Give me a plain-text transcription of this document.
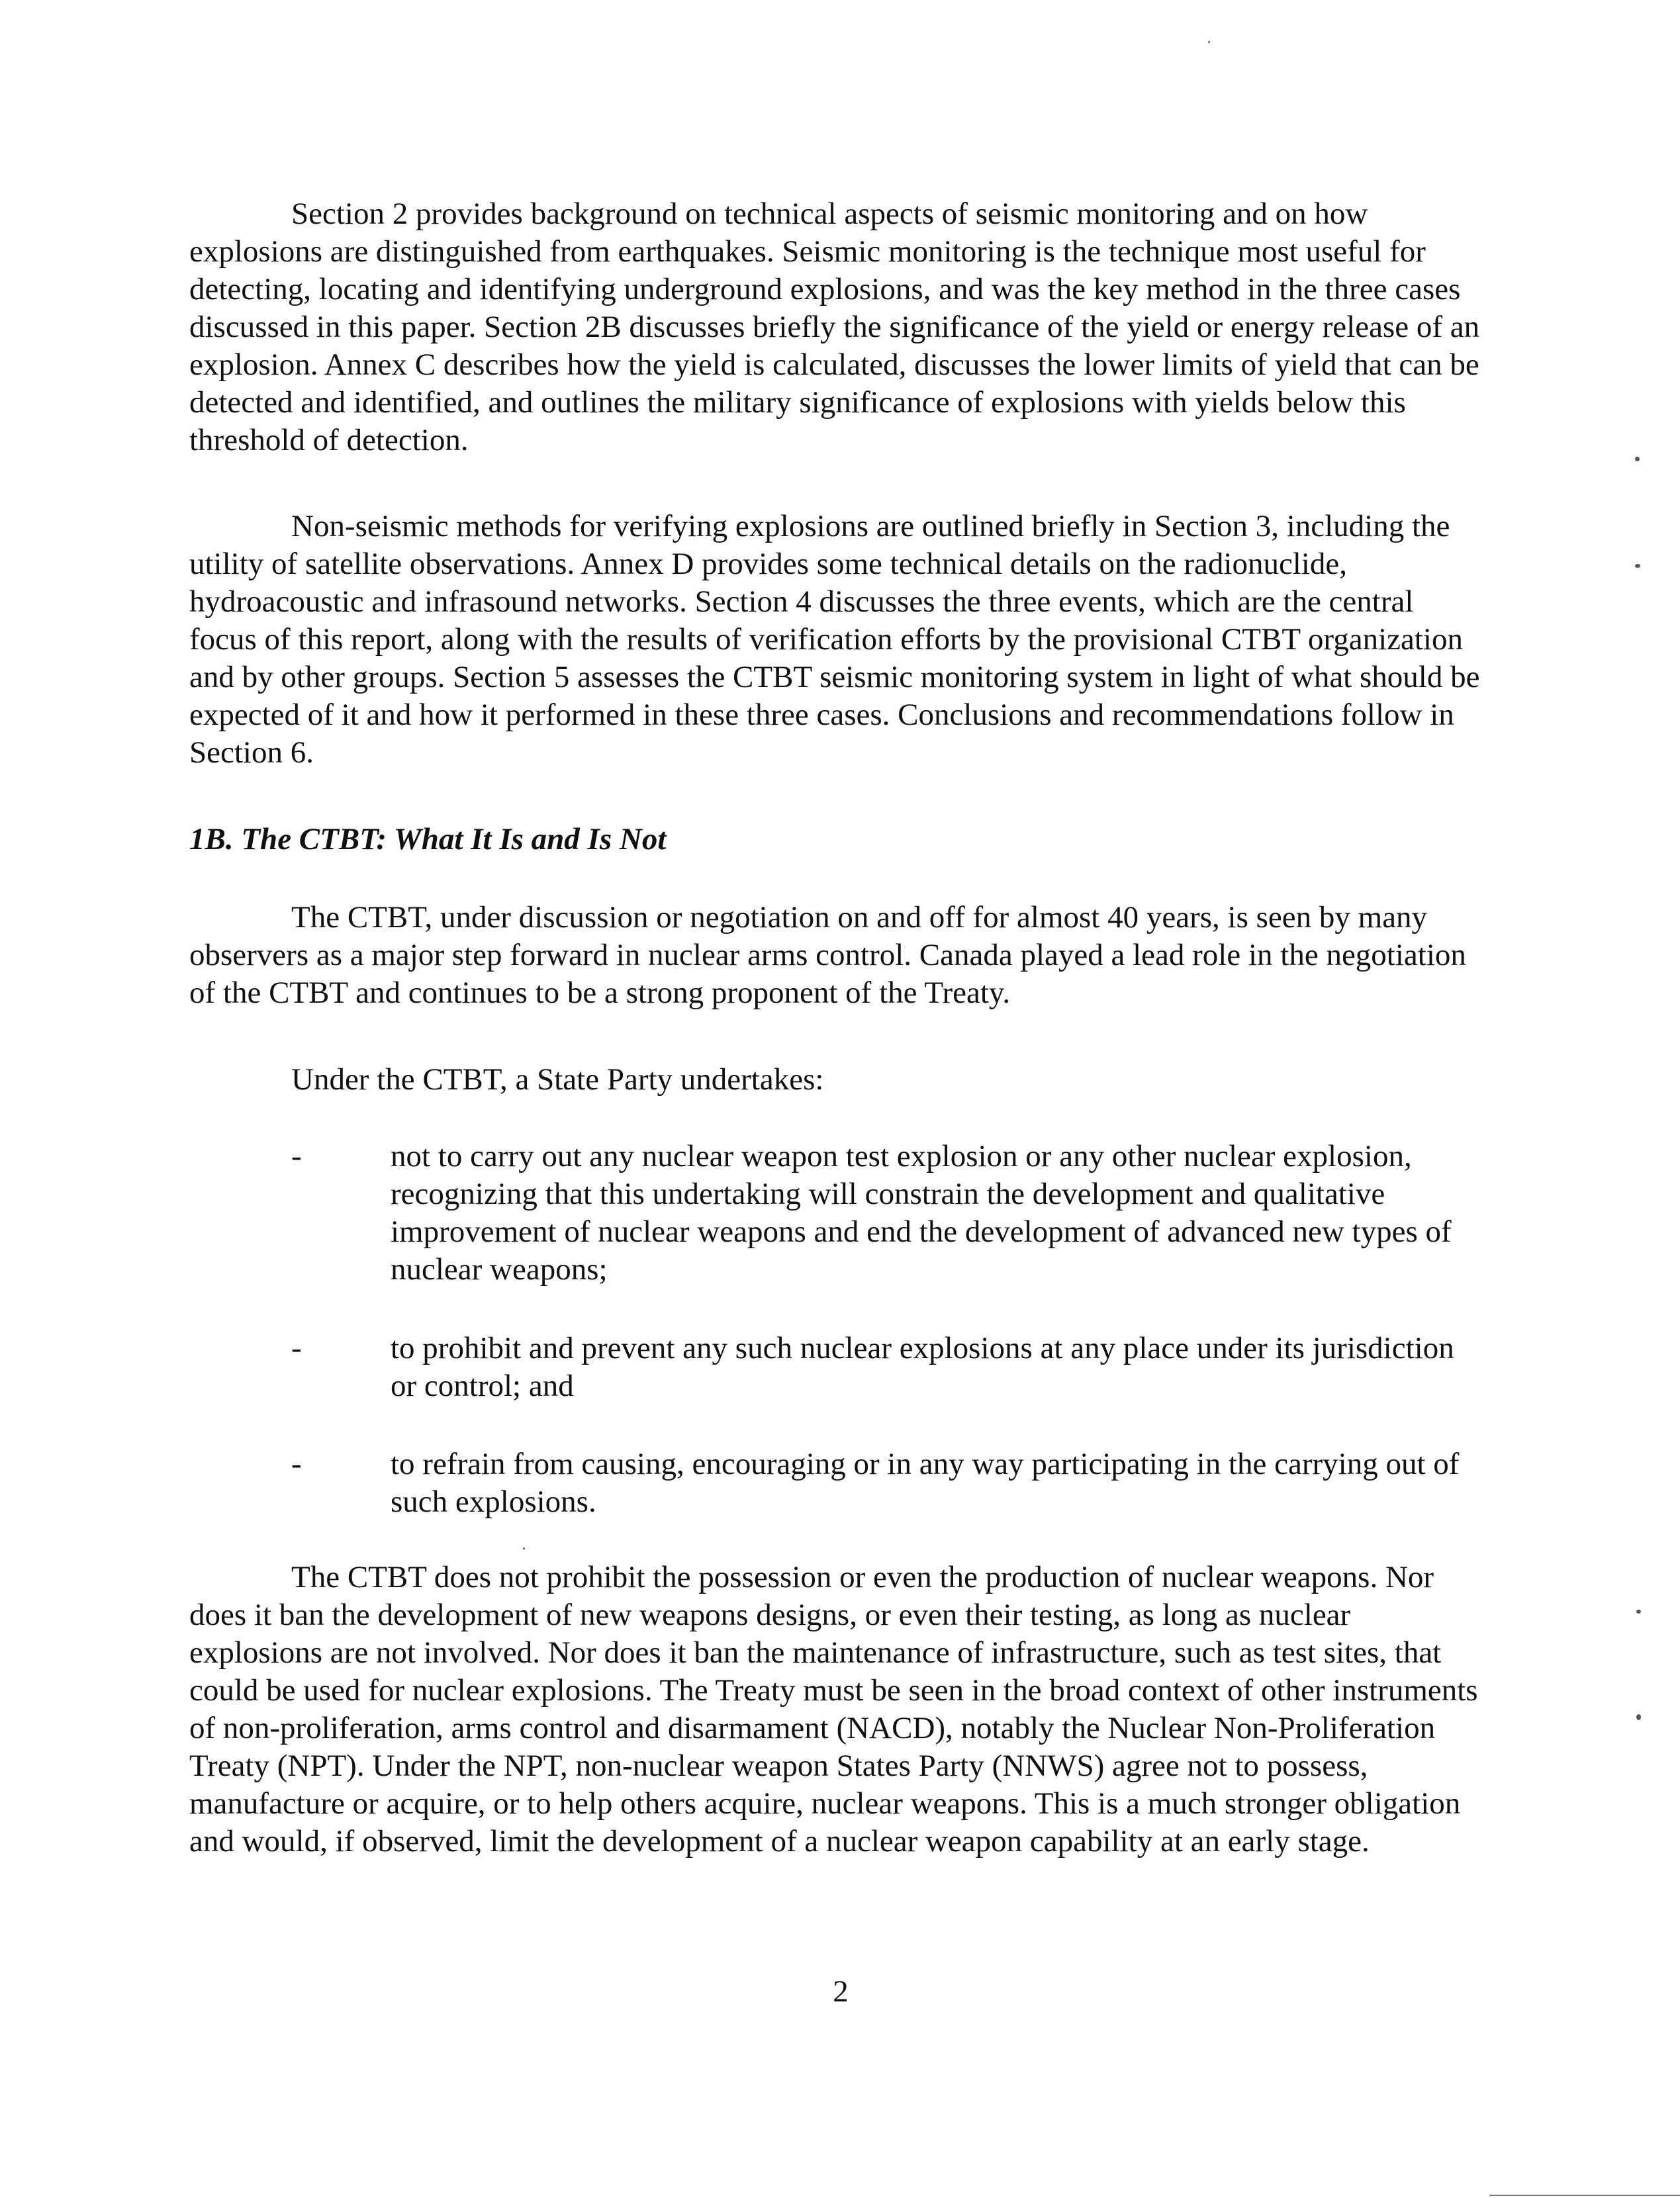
Section 2 provides background on technical aspects of seismic monitoring and on how explosions are distinguished from earthquakes. Seismic monitoring is the technique most useful for detecting, locating and identifying underground explosions, and was the key method in the three cases discussed in this paper. Section 2B discusses briefly the significance of the yield or energy release of an explosion. Annex C describes how the yield is calculated, discusses the lower limits of yield that can be detected and identified, and outlines the military significance of explosions with yields below this threshold of detection.

Non-seismic methods for verifying explosions are outlined briefly in Section 3, including the utility of satellite observations. Annex D provides some technical details on the radionuclide, hydroacoustic and infrasound networks. Section 4 discusses the three events, which are the central focus of this report, along with the results of verification efforts by the provisional CTBT organization and by other groups. Section 5 assesses the CTBT seismic monitoring system in light of what should be expected of it and how it performed in these three cases. Conclusions and recommendations follow in Section 6.

1B. The CTBT: What It Is and Is Not

The CTBT, under discussion or negotiation on and off for almost 40 years, is seen by many observers as a major step forward in nuclear arms control. Canada played a lead role in the negotiation of the CTBT and continues to be a strong proponent of the Treaty.

Under the CTBT, a State Party undertakes:

-	not to carry out any nuclear weapon test explosion or any other nuclear explosion, recognizing that this undertaking will constrain the development and qualitative improvement of nuclear weapons and end the development of advanced new types of nuclear weapons;
-	to prohibit and prevent any such nuclear explosions at any place under its jurisdiction or control; and
-	to refrain from causing, encouraging or in any way participating in the carrying out of such explosions.

The CTBT does not prohibit the possession or even the production of nuclear weapons. Nor does it ban the development of new weapons designs, or even their testing, as long as nuclear explosions are not involved. Nor does it ban the maintenance of infrastructure, such as test sites, that could be used for nuclear explosions. The Treaty must be seen in the broad context of other instruments of non-proliferation, arms control and disarmament (NACD), notably the Nuclear Non-Proliferation Treaty (NPT). Under the NPT, non-nuclear weapon States Party (NNWS) agree not to possess, manufacture or acquire, or to help others acquire, nuclear weapons. This is a much stronger obligation and would, if observed, limit the development of a nuclear weapon capability at an early stage.

2
